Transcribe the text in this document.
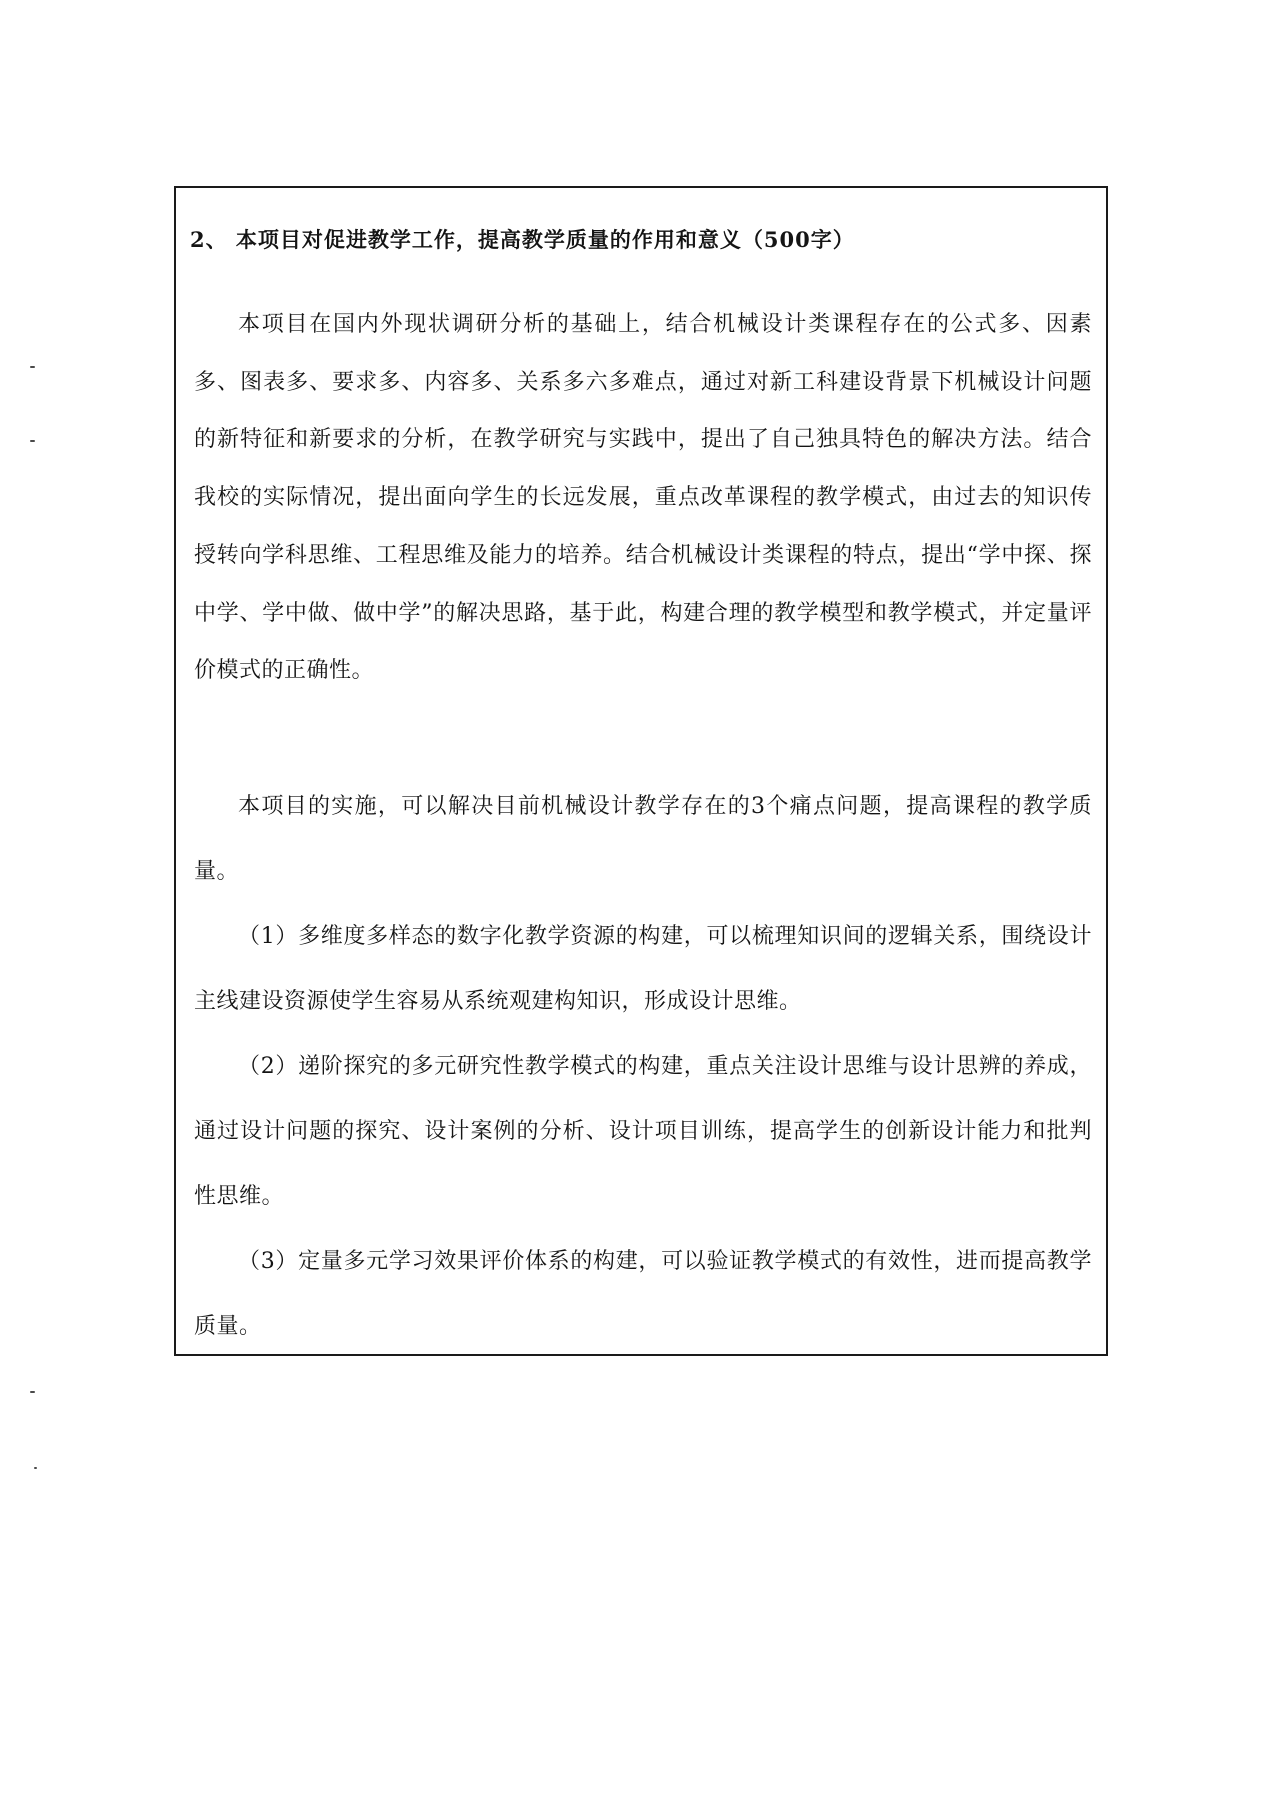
2、 本项目对促进教学工作，提高教学质量的作用和意义（500字）

本项目在国内外现状调研分析的基础上，结合机械设计类课程存在的公式多、因素多、图表多、要求多、内容多、关系多六多难点，通过对新工科建设背景下机械设计问题的新特征和新要求的分析，在教学研究与实践中，提出了自己独具特色的解决方法。结合我校的实际情况，提出面向学生的长远发展，重点改革课程的教学模式，由过去的知识传授转向学科思维、工程思维及能力的培养。结合机械设计类课程的特点，提出“学中探、探中学、学中做、做中学”的解决思路，基于此，构建合理的教学模型和教学模式，并定量评价模式的正确性。

本项目的实施，可以解决目前机械设计教学存在的3个痛点问题，提高课程的教学质量。

（1）多维度多样态的数字化教学资源的构建，可以梳理知识间的逻辑关系，围绕设计主线建设资源使学生容易从系统观建构知识，形成设计思维。

（2）递阶探究的多元研究性教学模式的构建，重点关注设计思维与设计思辨的养成，通过设计问题的探究、设计案例的分析、设计项目训练，提高学生的创新设计能力和批判性思维。

（3）定量多元学习效果评价体系的构建，可以验证教学模式的有效性，进而提高教学质量。
